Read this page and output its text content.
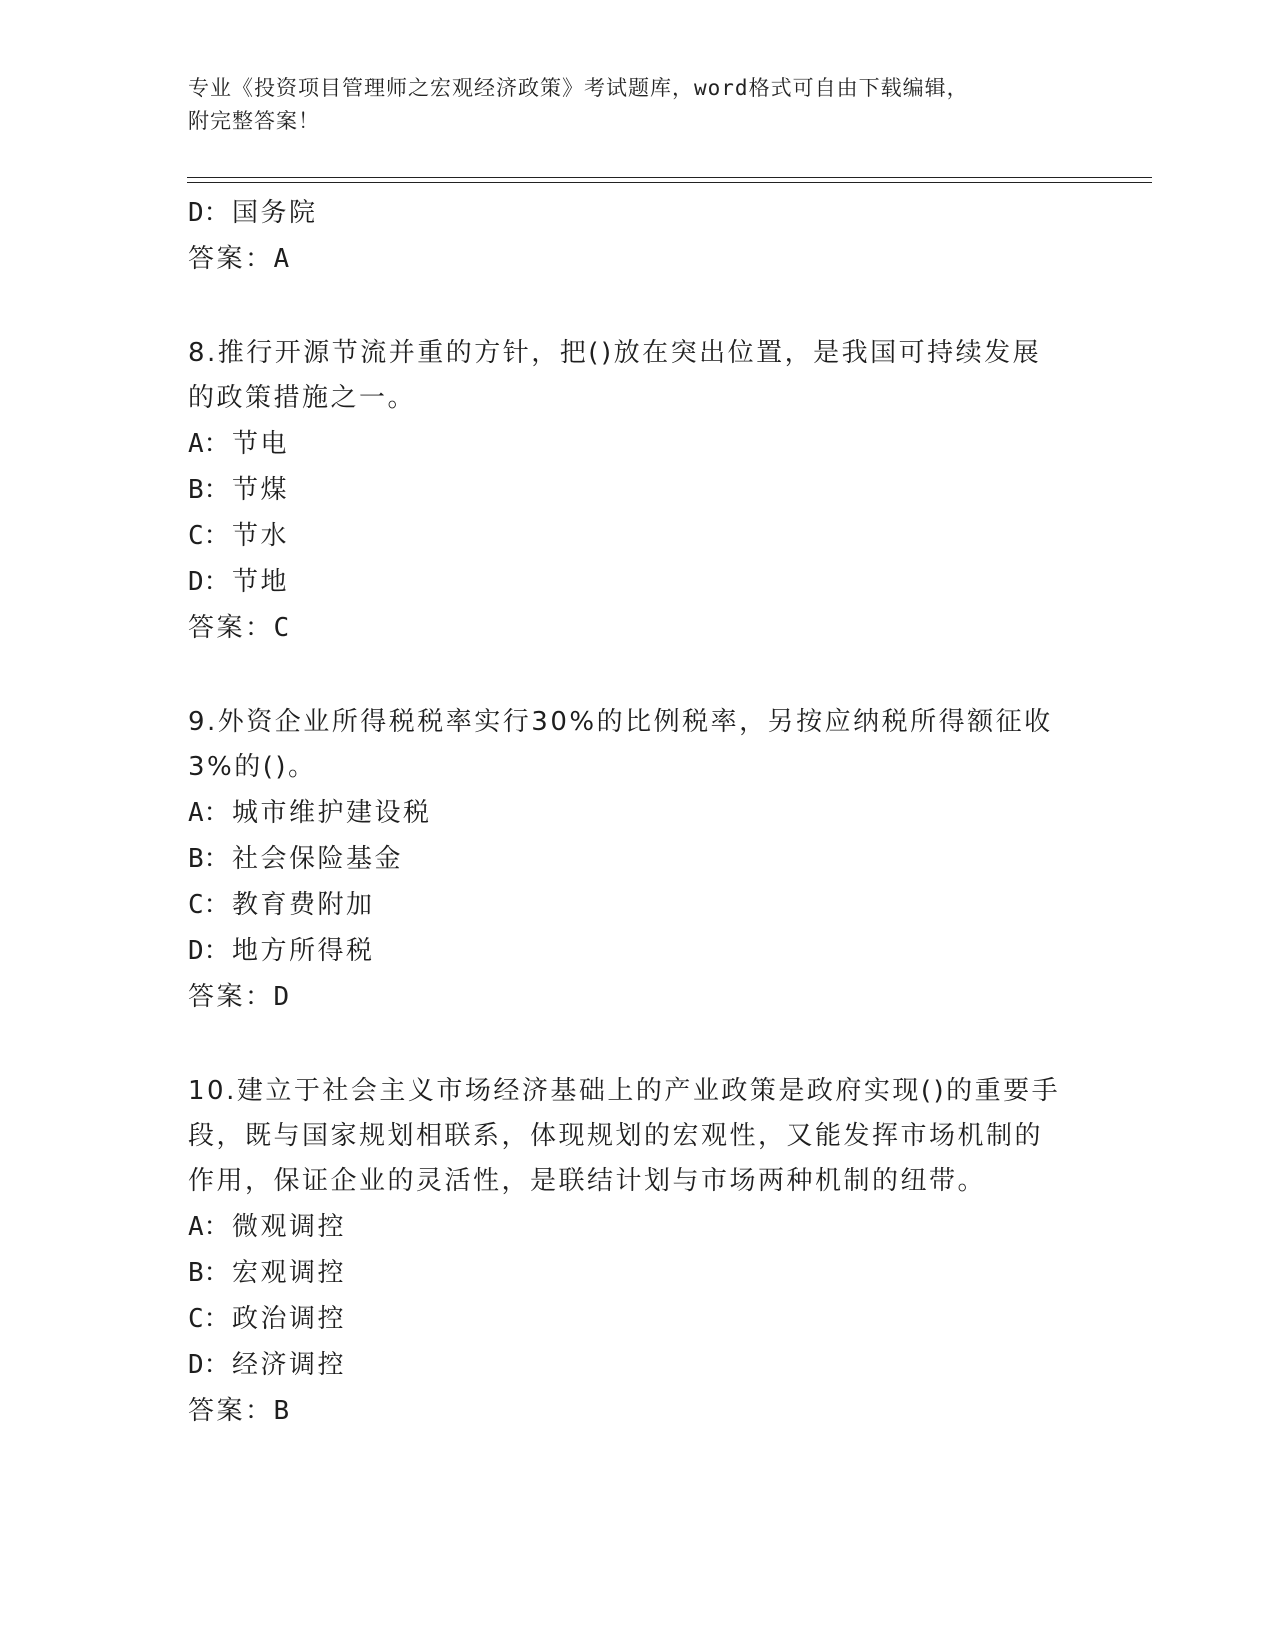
专业《投资项目管理师之宏观经济政策》考试题库，word格式可自由下载编辑，
附完整答案！
D：国务院
答案：A
8.推行开源节流并重的方针，把()放在突出位置，是我国可持续发展
的政策措施之一。
A：节电
B：节煤
C：节水
D：节地
答案：C
9.外资企业所得税税率实行30%的比例税率，另按应纳税所得额征收
3%的()。
A：城市维护建设税
B：社会保险基金
C：教育费附加
D：地方所得税
答案：D
10.建立于社会主义市场经济基础上的产业政策是政府实现()的重要手
段，既与国家规划相联系，体现规划的宏观性，又能发挥市场机制的
作用，保证企业的灵活性，是联结计划与市场两种机制的纽带。
A：微观调控
B：宏观调控
C：政治调控
D：经济调控
答案：B
